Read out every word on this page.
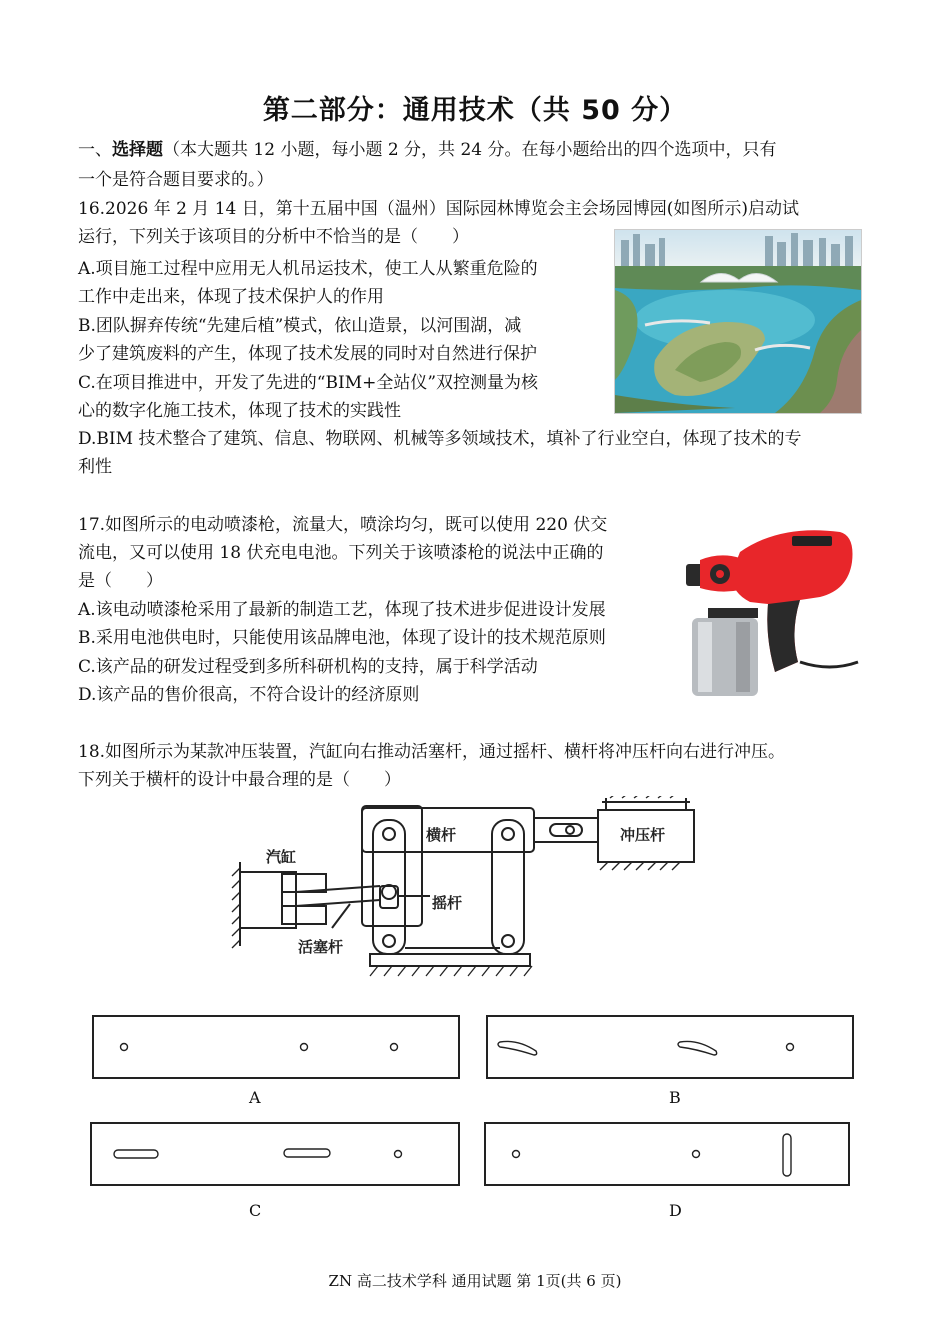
第二部分：通用技术（共 50 分）
一、选择题（本大题共 12 小题，每小题 2 分，共 24 分。在每小题给出的四个选项中，只有
一个是符合题目要求的。）
16.2026 年 2 月 14 日，第十五届中国（温州）国际园林博览会主会场园博园(如图所示)启动试
运行，下列关于该项目的分析中不恰当的是（　　）
A.项目施工过程中应用无人机吊运技术，使工人从繁重危险的
工作中走出来，体现了技术保护人的作用
B.团队摒弃传统“先建后植”模式，依山造景，以河围湖，减
少了建筑废料的产生，体现了技术发展的同时对自然进行保护
C.在项目推进中，开发了先进的“BIM+全站仪”双控测量为核
心的数字化施工技术，体现了技术的实践性
D.BIM 技术整合了建筑、信息、物联网、机械等多领域技术，填补了行业空白，体现了技术的专
利性
17.如图所示的电动喷漆枪，流量大，喷涂均匀，既可以使用 220 伏交
流电，又可以使用 18 伏充电电池。下列关于该喷漆枪的说法中正确的
是（　　）
A.该电动喷漆枪采用了最新的制造工艺，体现了技术进步促进设计发展
B.采用电池供电时，只能使用该品牌电池，体现了设计的技术规范原则
C.该产品的研发过程受到多所科研机构的支持，属于科学活动
D.该产品的售价很高，不符合设计的经济原则
18.如图所示为某款冲压装置，汽缸向右推动活塞杆，通过摇杆、横杆将冲压杆向右进行冲压。
下列关于横杆的设计中最合理的是（　　）
横杆	冲压杆
汽缸
摇杆
活塞杆
A	B
C	D
ZN 高二技术学科 通用试题 第 1页(共 6 页)
